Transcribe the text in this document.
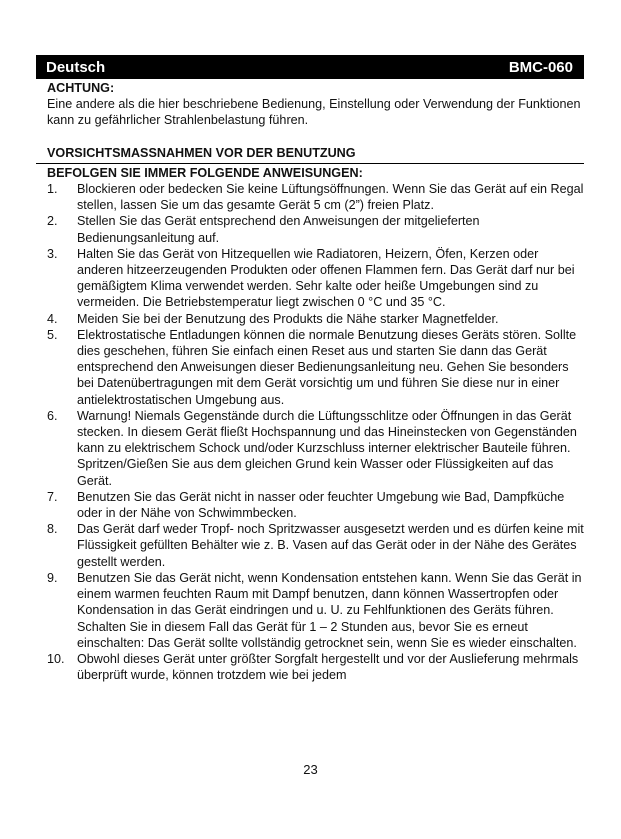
Deutsch	BMC-060
ACHTUNG:
Eine andere als die hier beschriebene Bedienung, Einstellung oder Verwendung der Funktionen kann zu gefährlicher Strahlenbelastung führen.
VORSICHTSMASSNAHMEN VOR DER BENUTZUNG
BEFOLGEN SIE IMMER FOLGENDE ANWEISUNGEN:
1.	Blockieren oder bedecken Sie keine Lüftungsöffnungen. Wenn Sie das Gerät auf ein Regal stellen, lassen Sie um das gesamte Gerät 5 cm (2”) freien Platz.
2.	Stellen Sie das Gerät entsprechend den Anweisungen der mitgelieferten Bedienungsanleitung auf.
3.	Halten Sie das Gerät von Hitzequellen wie Radiatoren, Heizern, Öfen, Kerzen oder anderen hitzeerzeugenden Produkten oder offenen Flammen fern. Das Gerät darf nur bei gemäßigtem Klima verwendet werden. Sehr kalte oder heiße Umgebungen sind zu vermeiden. Die Betriebstemperatur liegt zwischen 0 °C und 35 °C.
4.	Meiden Sie bei der Benutzung des Produkts die Nähe starker Magnetfelder.
5.	Elektrostatische Entladungen können die normale Benutzung dieses Geräts stören. Sollte dies geschehen, führen Sie einfach einen Reset aus und starten Sie dann das Gerät entsprechend den Anweisungen dieser Bedienungsanleitung neu. Gehen Sie besonders bei Datenübertragungen mit dem Gerät vorsichtig um und führen Sie diese nur in einer antielektrostatischen Umgebung aus.
6.	Warnung! Niemals Gegenstände durch die Lüftungsschlitze oder Öffnungen in das Gerät stecken. In diesem Gerät fließt Hochspannung und das Hineinstecken von Gegenständen kann zu elektrischem Schock und/oder Kurzschluss interner elektrischer Bauteile führen. Spritzen/Gießen Sie aus dem gleichen Grund kein Wasser oder Flüssigkeiten auf das Gerät.
7.	Benutzen Sie das Gerät nicht in nasser oder feuchter Umgebung wie Bad, Dampfküche oder in der Nähe von Schwimmbecken.
8.	Das Gerät darf weder Tropf- noch Spritzwasser ausgesetzt werden und es dürfen keine mit Flüssigkeit gefüllten Behälter wie z. B. Vasen auf das Gerät oder in der Nähe des Gerätes gestellt werden.
9.	Benutzen Sie das Gerät nicht, wenn Kondensation entstehen kann. Wenn Sie das Gerät in einem warmen feuchten Raum mit Dampf benutzen, dann können Wassertropfen oder Kondensation in das Gerät eindringen und u. U. zu Fehlfunktionen des Geräts führen. Schalten Sie in diesem Fall das Gerät für 1 – 2 Stunden aus, bevor Sie es erneut einschalten: Das Gerät sollte vollständig getrocknet sein, wenn Sie es wieder einschalten.
10. Obwohl dieses Gerät unter größter Sorgfalt hergestellt und vor der Auslieferung mehrmals überprüft wurde, können trotzdem wie bei jedem
23
